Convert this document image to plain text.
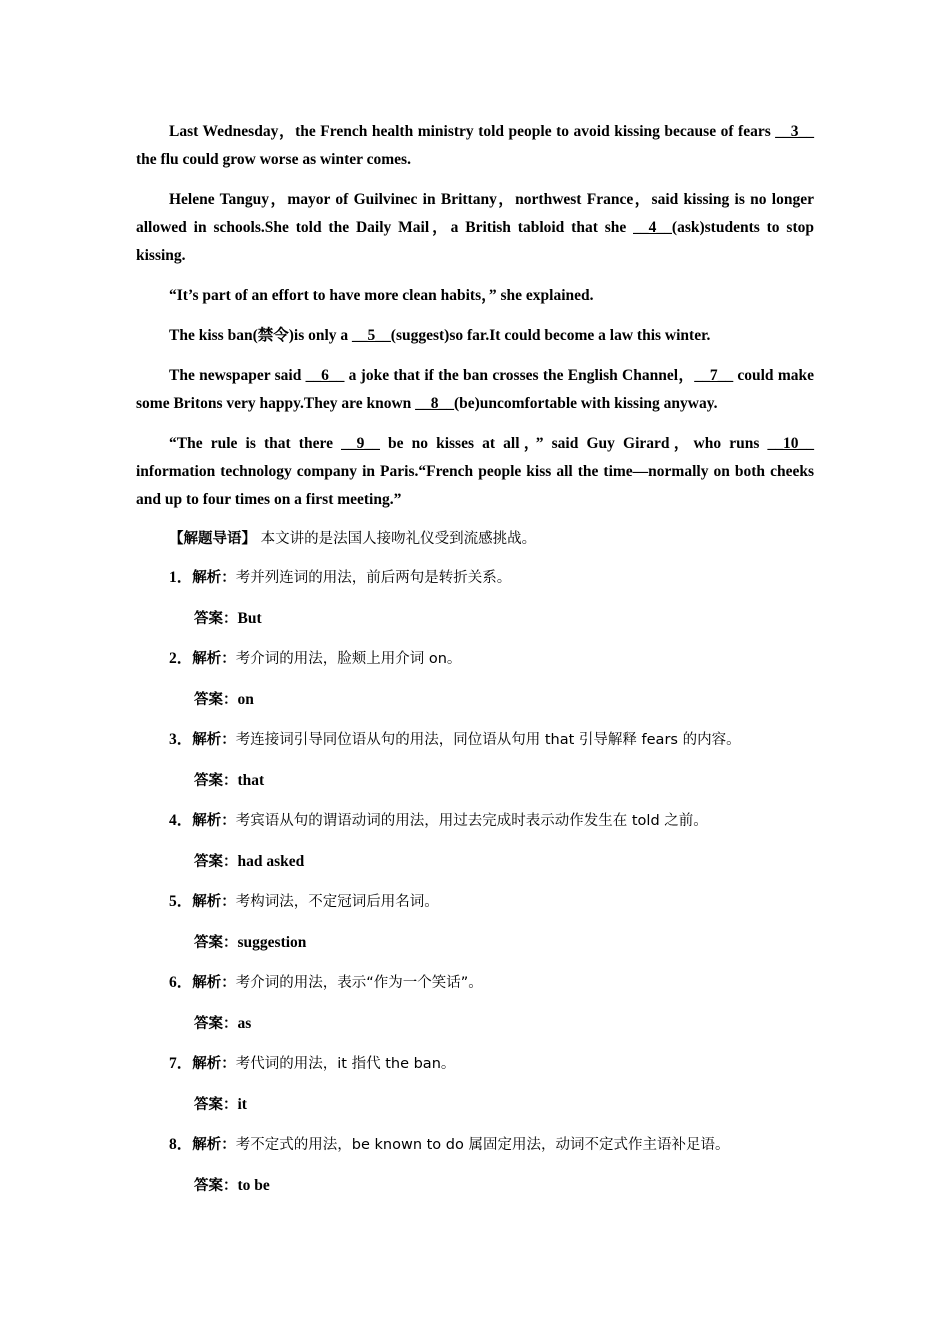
Last Wednesday，the French health ministry told people to avoid kissing because of fears __3__ the flu could grow worse as winter comes.

Helene Tanguy，mayor of Guilvinec in Brittany，northwest France，said kissing is no longer allowed in schools.She told the Daily Mail，a British tabloid that she __4__(ask)students to stop kissing.

“It’s part of an effort to have more clean habits，” she explained.

The kiss ban(禁令)is only a __5__(suggest)so far.It could become a law this winter.

The newspaper said __6__ a joke that if the ban crosses the English Channel，__7__ could make some Britons very happy.They are known __8__(be)uncomfortable with kissing anyway.

“The rule is that there __9__ be no kisses at all，” said Guy Girard，who runs __10__ information technology company in Paris.“French people kiss all the time—normally on both cheeks and up to four times on a first meeting.”

【解题导语】 本文讲的是法国人接吻礼仪受到流感挑战。

1．解析：考并列连词的用法，前后两句是转折关系。
答案：But
2．解析：考介词的用法，脸颊上用介词 on。
答案：on
3．解析：考连接词引导同位语从句的用法，同位语从句用 that 引导解释 fears 的内容。
答案：that
4．解析：考宾语从句的谓语动词的用法，用过去完成时表示动作发生在 told 之前。
答案：had asked
5．解析：考构词法，不定冠词后用名词。
答案：suggestion
6．解析：考介词的用法，表示“作为一个笑话”。
答案：as
7．解析：考代词的用法，it 指代 the ban。
答案：it
8．解析：考不定式的用法，be known to do 属固定用法，动词不定式作主语补足语。
答案：to be
